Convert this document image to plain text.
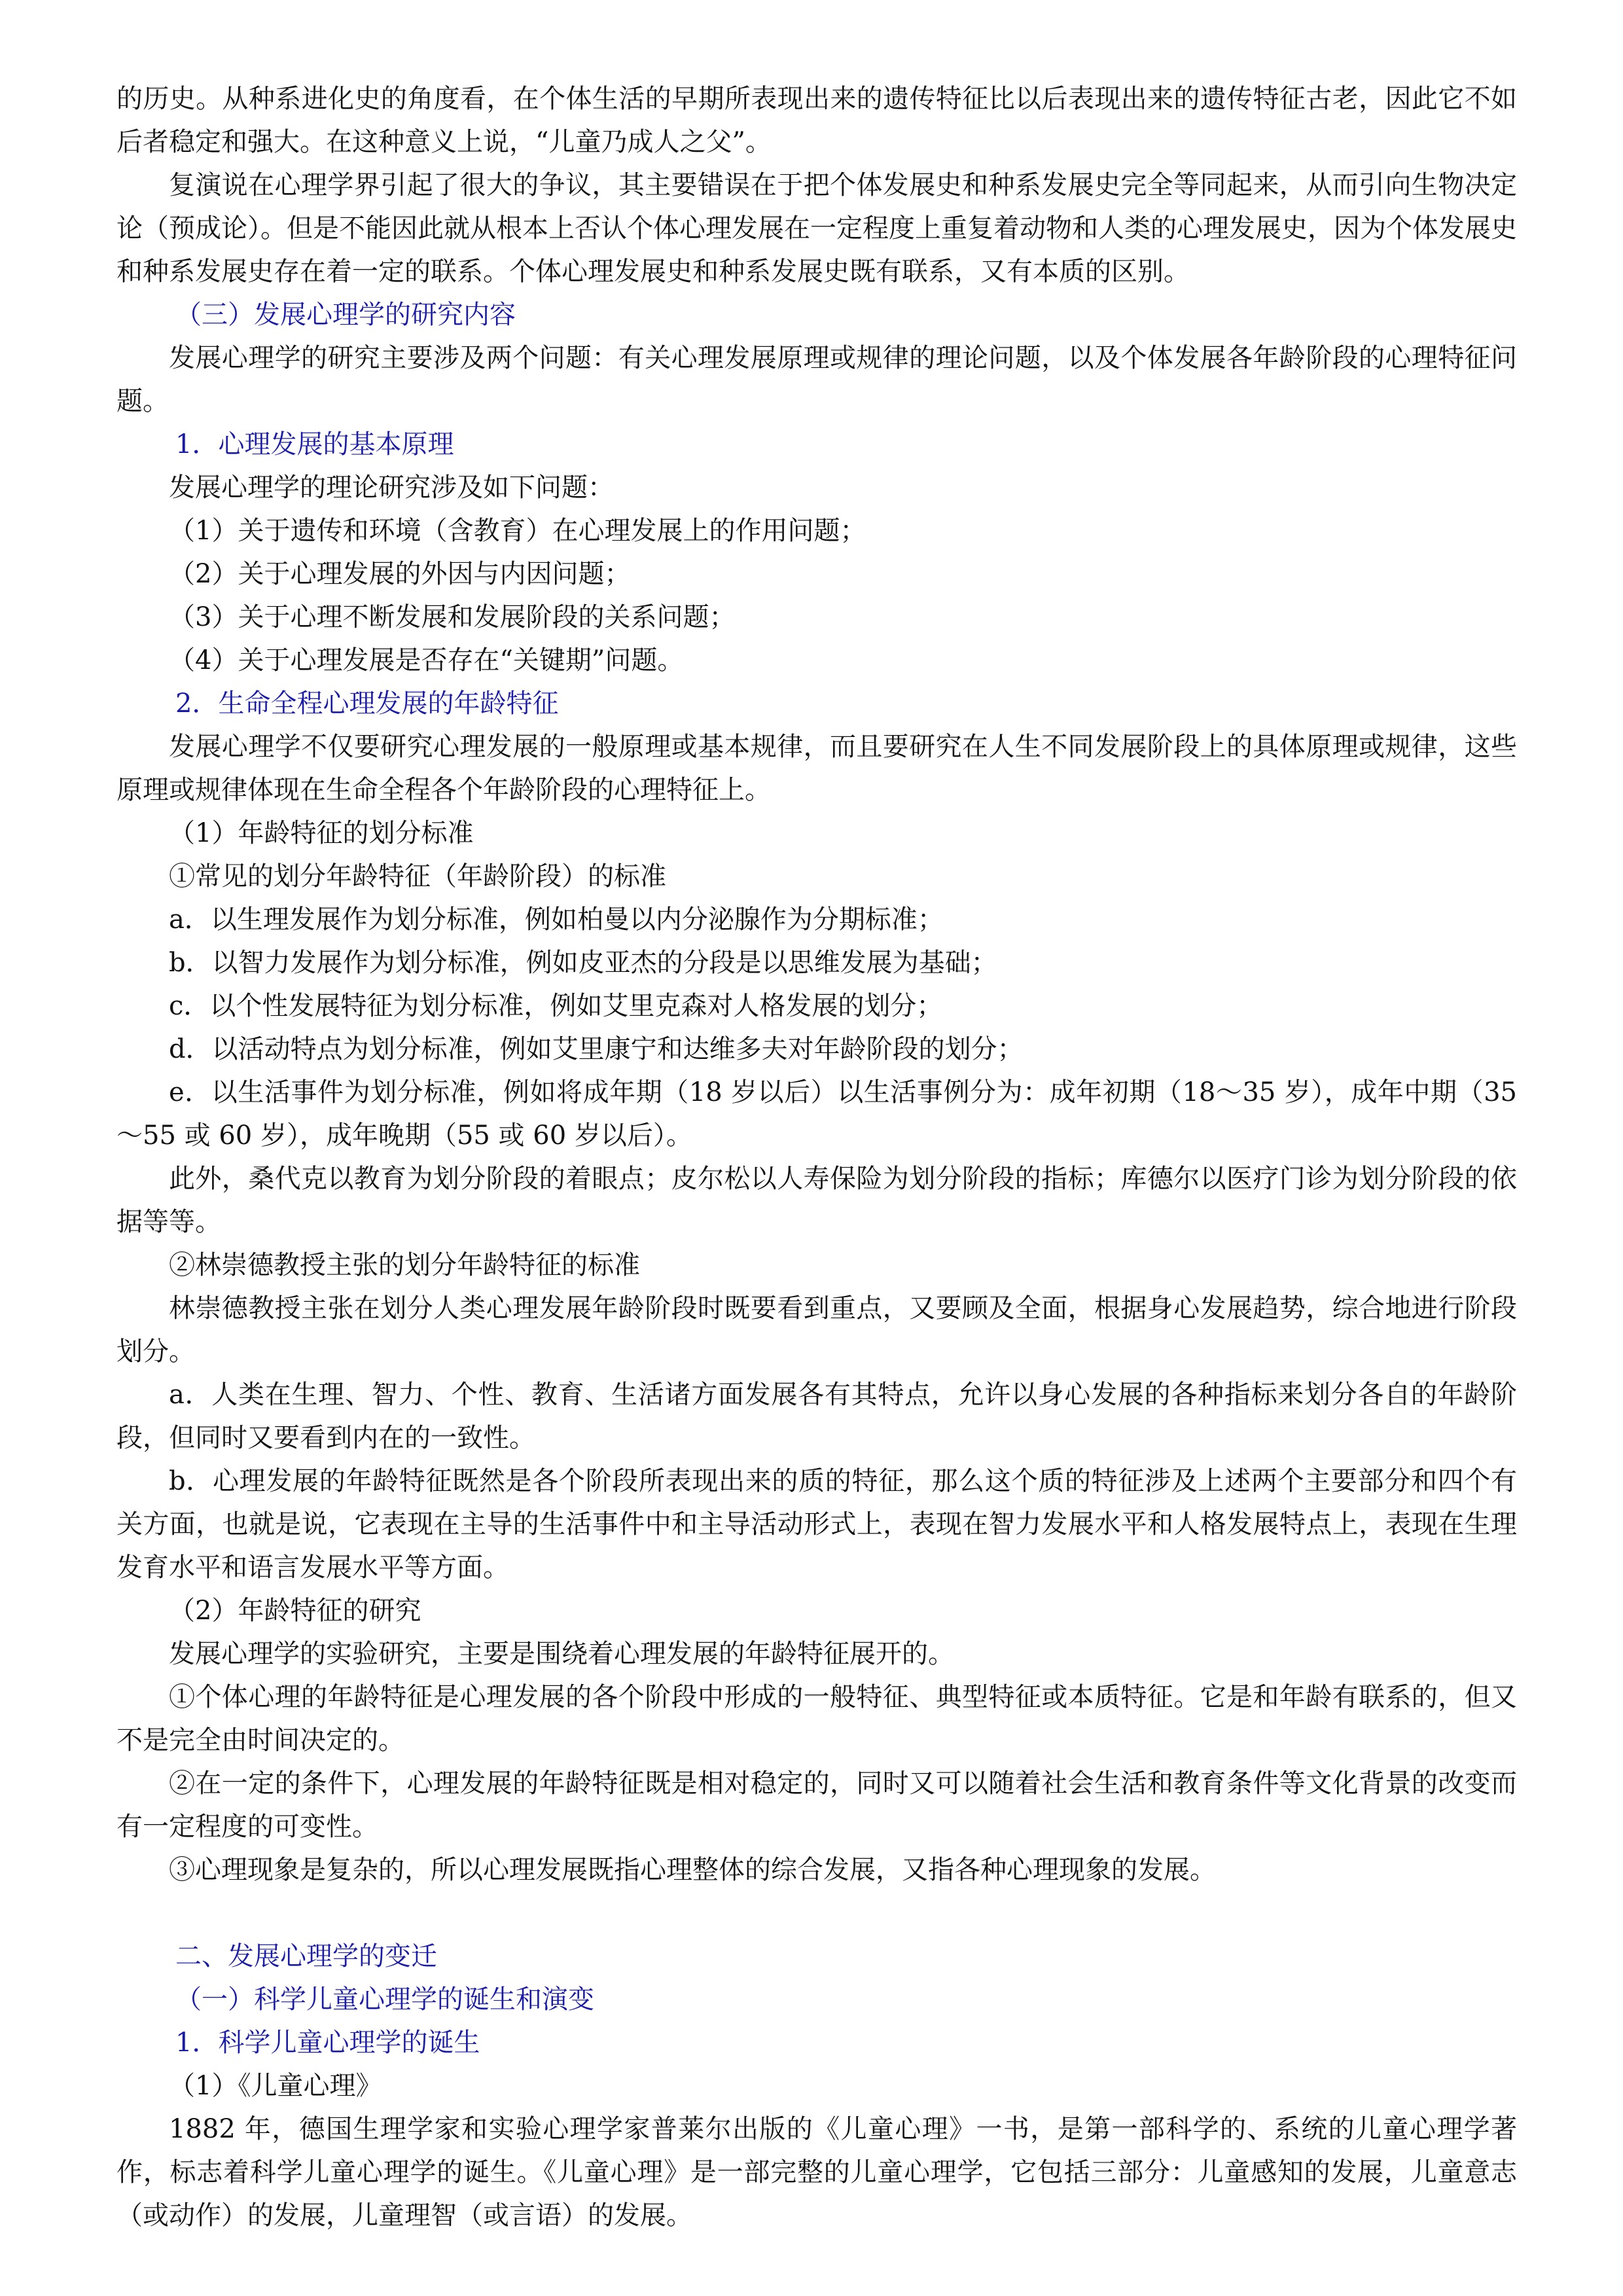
的历史。从种系进化史的角度看，在个体生活的早期所表现出来的遗传特征比以后表现出来的遗传特征古老，因此它不如后者稳定和强大。在这种意义上说，“儿童乃成人之父”。

复演说在心理学界引起了很大的争议，其主要错误在于把个体发展史和种系发展史完全等同起来，从而引向生物决定论（预成论）。但是不能因此就从根本上否认个体心理发展在一定程度上重复着动物和人类的心理发展史，因为个体发展史和种系发展史存在着一定的联系。个体心理发展史和种系发展史既有联系，又有本质的区别。

（三）发展心理学的研究内容

发展心理学的研究主要涉及两个问题：有关心理发展原理或规律的理论问题，以及个体发展各年龄阶段的心理特征问题。

1．心理发展的基本原理

发展心理学的理论研究涉及如下问题：

（1）关于遗传和环境（含教育）在心理发展上的作用问题；

（2）关于心理发展的外因与内因问题；

（3）关于心理不断发展和发展阶段的关系问题；

（4）关于心理发展是否存在“关键期”问题。

2．生命全程心理发展的年龄特征

发展心理学不仅要研究心理发展的一般原理或基本规律，而且要研究在人生不同发展阶段上的具体原理或规律，这些原理或规律体现在生命全程各个年龄阶段的心理特征上。

（1）年龄特征的划分标准

①常见的划分年龄特征（年龄阶段）的标准

a．以生理发展作为划分标准，例如柏曼以内分泌腺作为分期标准；

b．以智力发展作为划分标准，例如皮亚杰的分段是以思维发展为基础；

c．以个性发展特征为划分标准，例如艾里克森对人格发展的划分；

d．以活动特点为划分标准，例如艾里康宁和达维多夫对年龄阶段的划分；

e．以生活事件为划分标准，例如将成年期（18 岁以后）以生活事例分为：成年初期（18～35 岁），成年中期（35～55 或 60 岁），成年晚期（55 或 60 岁以后）。

此外，桑代克以教育为划分阶段的着眼点；皮尔松以人寿保险为划分阶段的指标；库德尔以医疗门诊为划分阶段的依据等等。

②林崇德教授主张的划分年龄特征的标准

林崇德教授主张在划分人类心理发展年龄阶段时既要看到重点，又要顾及全面，根据身心发展趋势，综合地进行阶段划分。

a．人类在生理、智力、个性、教育、生活诸方面发展各有其特点，允许以身心发展的各种指标来划分各自的年龄阶段，但同时又要看到内在的一致性。

b．心理发展的年龄特征既然是各个阶段所表现出来的质的特征，那么这个质的特征涉及上述两个主要部分和四个有关方面，也就是说，它表现在主导的生活事件中和主导活动形式上，表现在智力发展水平和人格发展特点上，表现在生理发育水平和语言发展水平等方面。

（2）年龄特征的研究

发展心理学的实验研究，主要是围绕着心理发展的年龄特征展开的。

①个体心理的年龄特征是心理发展的各个阶段中形成的一般特征、典型特征或本质特征。它是和年龄有联系的，但又不是完全由时间决定的。

②在一定的条件下，心理发展的年龄特征既是相对稳定的，同时又可以随着社会生活和教育条件等文化背景的改变而有一定程度的可变性。

③心理现象是复杂的，所以心理发展既指心理整体的综合发展，又指各种心理现象的发展。

二、发展心理学的变迁

（一）科学儿童心理学的诞生和演变

1．科学儿童心理学的诞生

（1）《儿童心理》

1882 年，德国生理学家和实验心理学家普莱尔出版的《儿童心理》一书，是第一部科学的、系统的儿童心理学著作，标志着科学儿童心理学的诞生。《儿童心理》是一部完整的儿童心理学，它包括三部分：儿童感知的发展，儿童意志（或动作）的发展，儿童理智（或言语）的发展。
